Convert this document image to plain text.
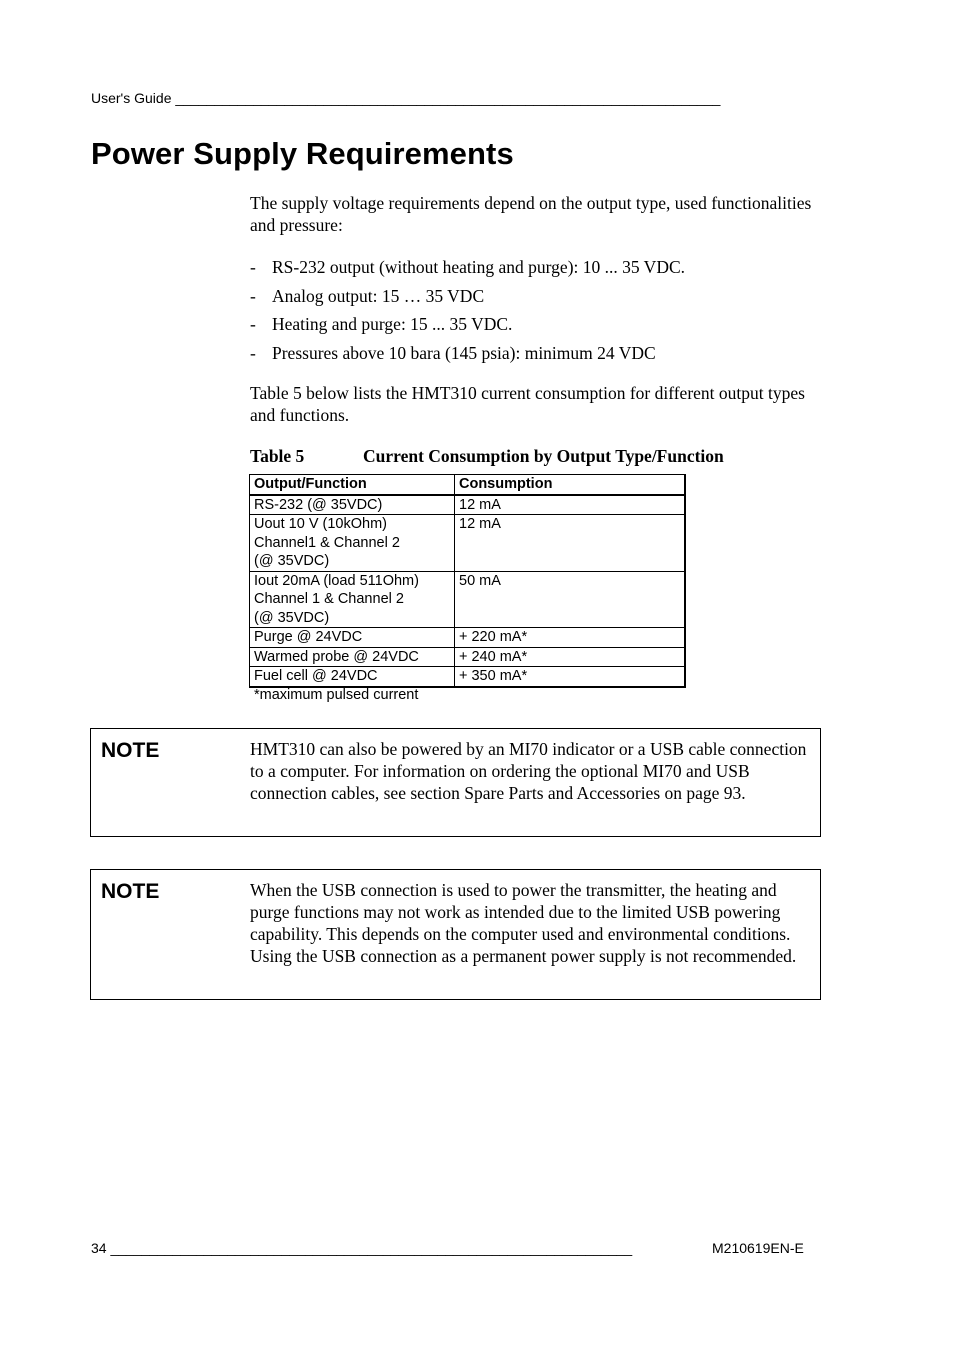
User's Guide ______________________________________________________________________
Power Supply Requirements

The supply voltage requirements depend on the output type, used functionalities and pressure:

- RS-232 output (without heating and purge): 10 ... 35 VDC.
- Analog output: 15 … 35 VDC
- Heating and purge: 15 ... 35 VDC.
- Pressures above 10 bara (145 psia): minimum 24 VDC

Table 5 below lists the HMT310 current consumption for different output types and functions.

Table 5	Current Consumption by Output Type/Function
Output/Function	Consumption
RS-232 (@ 35VDC)	12 mA
Uout 10 V (10kOhm)
Channel1 & Channel 2
(@ 35VDC)	12 mA
Iout 20mA (load 511Ohm)
Channel 1 & Channel 2
(@ 35VDC)	50 mA
Purge @ 24VDC	+ 220 mA*
Warmed probe @ 24VDC	+ 240 mA*
Fuel cell @ 24VDC	+ 350 mA*
*maximum pulsed current
NOTE	HMT310 can also be powered by an MI70 indicator or a USB cable connection to a computer. For information on ordering the optional MI70 and USB connection cables, see section Spare Parts and Accessories on page 93.

NOTE	When the USB connection is used to power the transmitter, the heating and purge functions may not work as intended due to the limited USB powering capability. This depends on the computer used and environmental conditions. Using the USB connection as a permanent power supply is not recommended.

34 ___________________________________________________________________	M210619EN-E
